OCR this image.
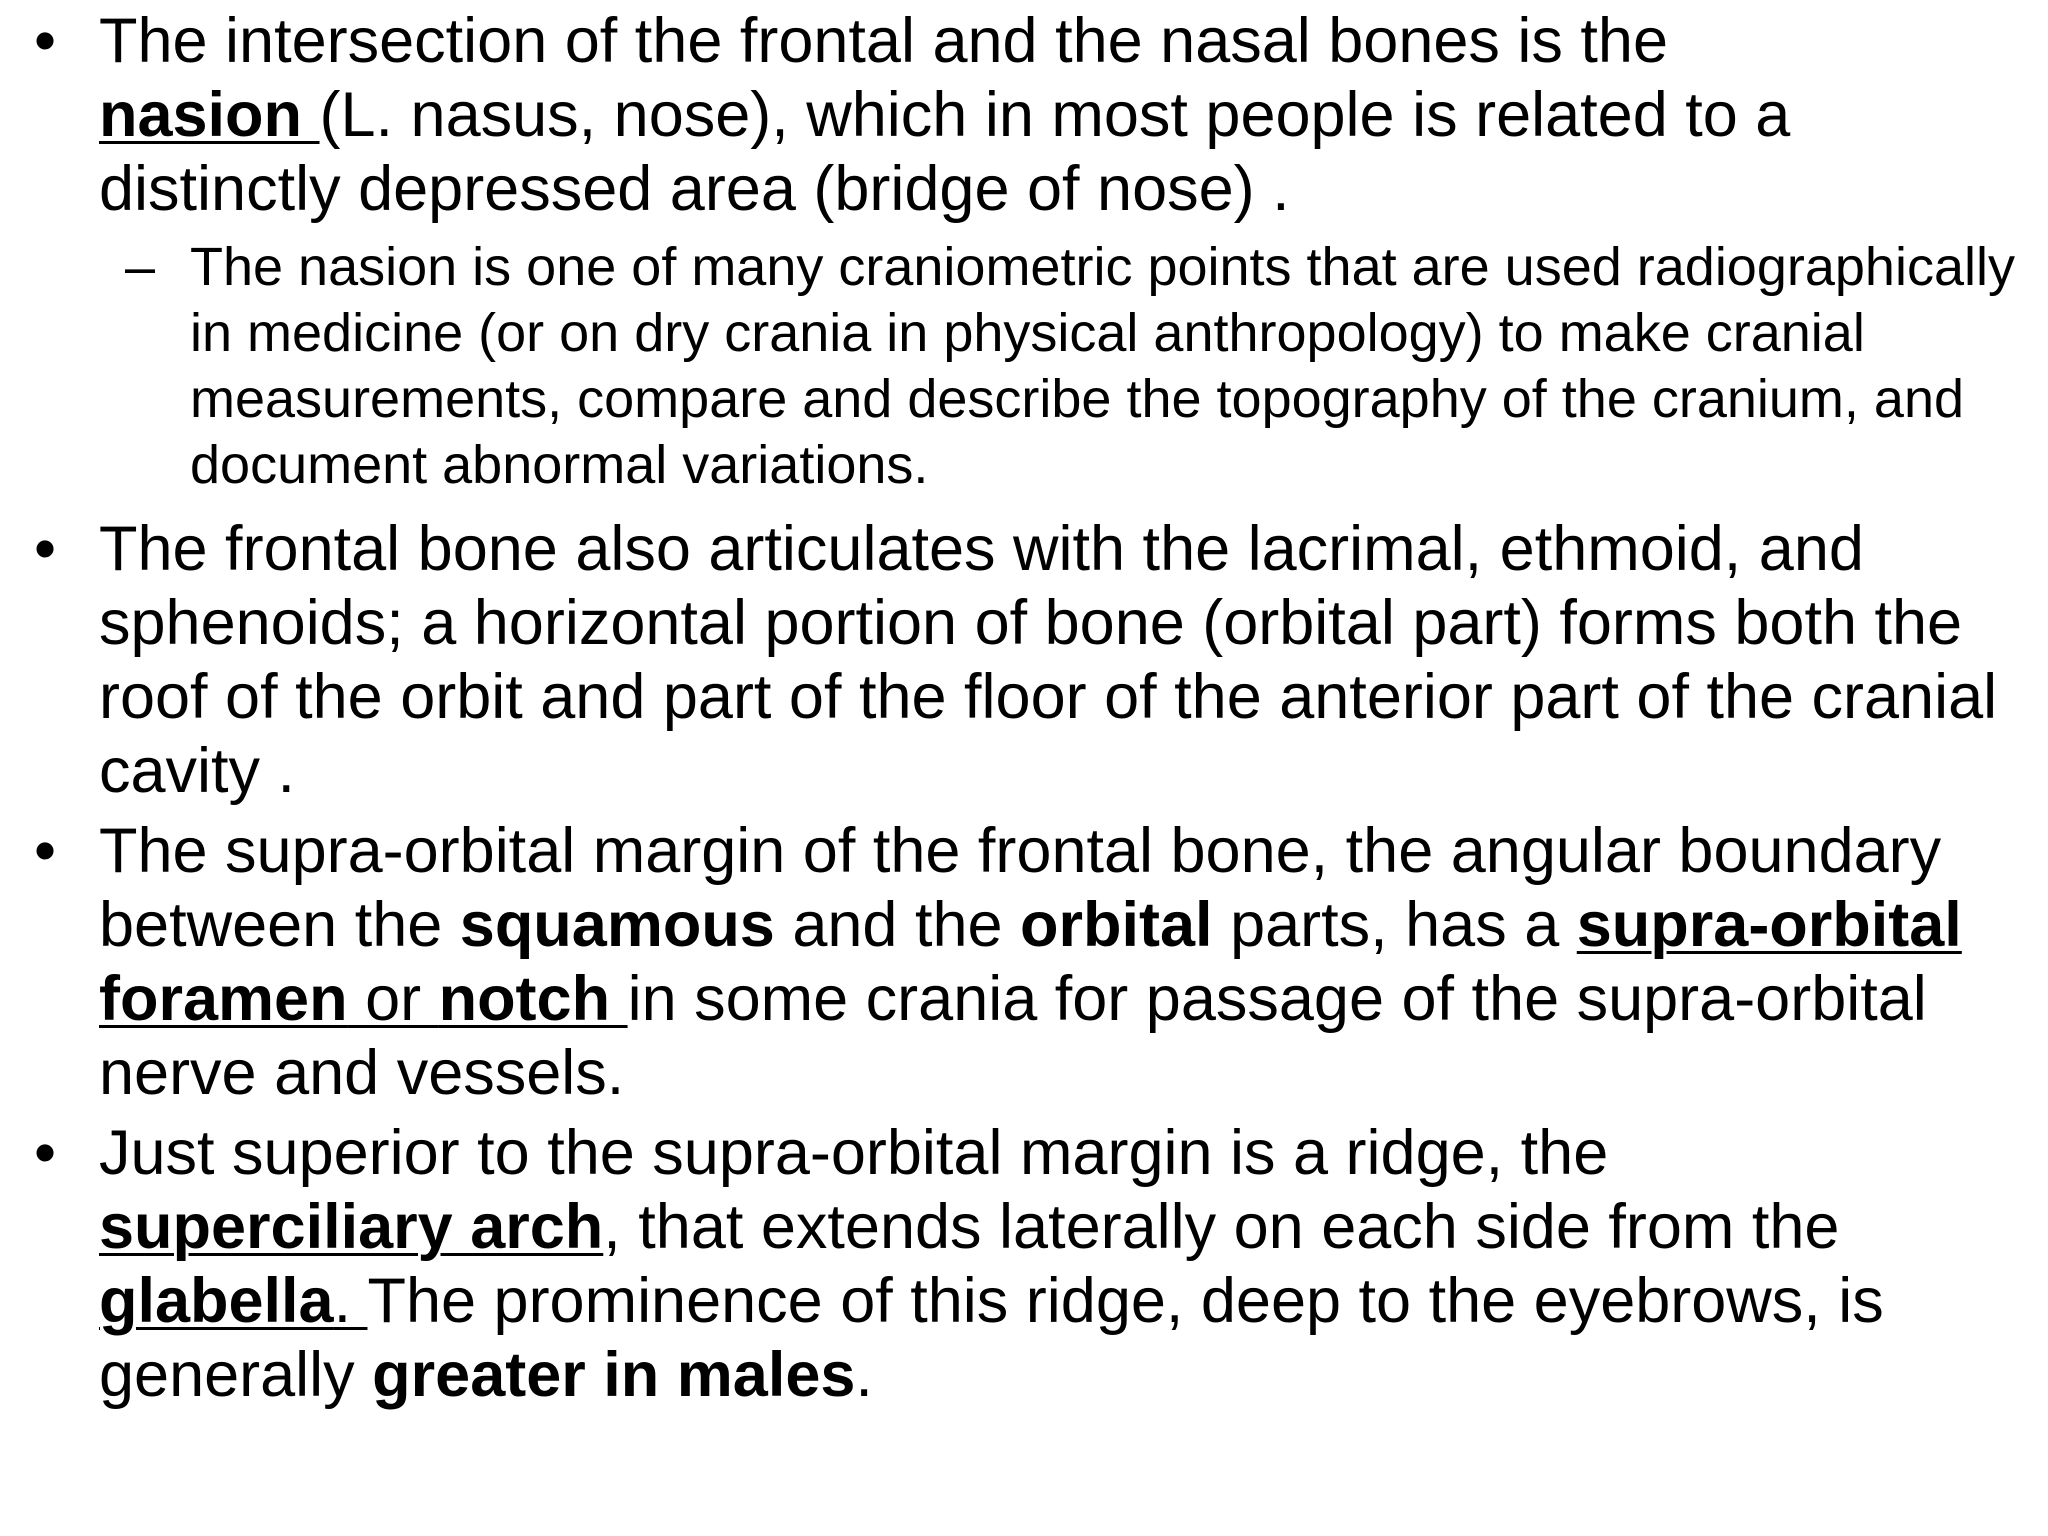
• The intersection of the frontal and the nasal bones is the
nasion (L. nasus, nose), which in most people is related to a distinctly depressed area (bridge of nose) .
– The nasion is one of many craniometric points that are used radiographically in medicine (or on dry crania in physical anthropology) to make cranial measurements, compare and describe the topography of the cranium, and document abnormal variations.
• The frontal bone also articulates with the lacrimal, ethmoid, and sphenoids; a horizontal portion of bone (orbital part) forms both the roof of the orbit and part of the floor of the anterior part of the cranial cavity .
• The supra-orbital margin of the frontal bone, the angular boundary between the squamous and the orbital parts, has a supra-orbital foramen or notch in some crania for passage of the supra-orbital nerve and vessels.
• Just superior to the supra-orbital margin is a ridge, the
superciliary arch, that extends laterally on each side from the
glabella. The prominence of this ridge, deep to the eyebrows, is generally greater in males.
